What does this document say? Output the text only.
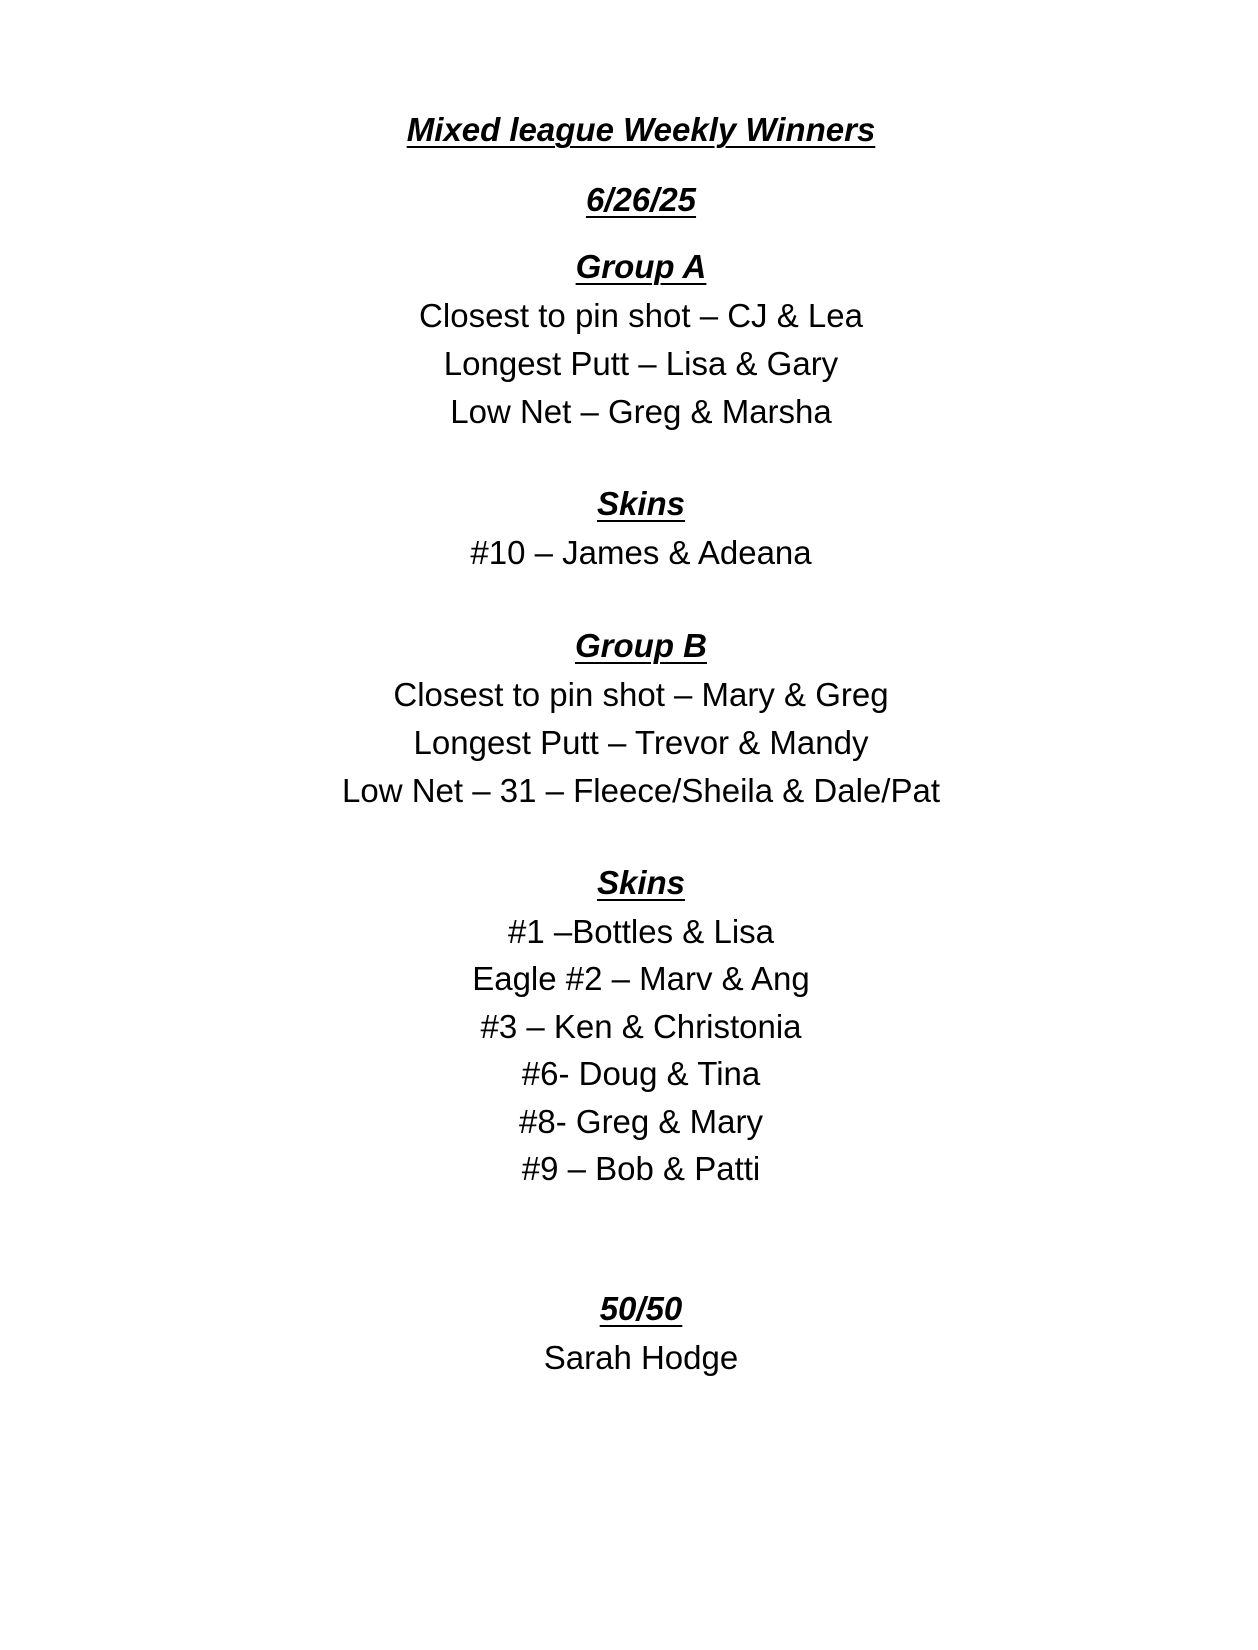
Mixed league Weekly Winners
6/26/25
Group A
Closest to pin shot – CJ & Lea
Longest Putt – Lisa & Gary
Low Net – Greg & Marsha
Skins
#10 – James & Adeana
Group B
Closest to pin shot – Mary & Greg
Longest Putt – Trevor & Mandy
Low Net – 31 – Fleece/Sheila & Dale/Pat
Skins
#1 –Bottles & Lisa
Eagle #2 – Marv & Ang
#3 – Ken & Christonia
#6- Doug & Tina
#8- Greg & Mary
#9 – Bob & Patti
50/50
Sarah Hodge
